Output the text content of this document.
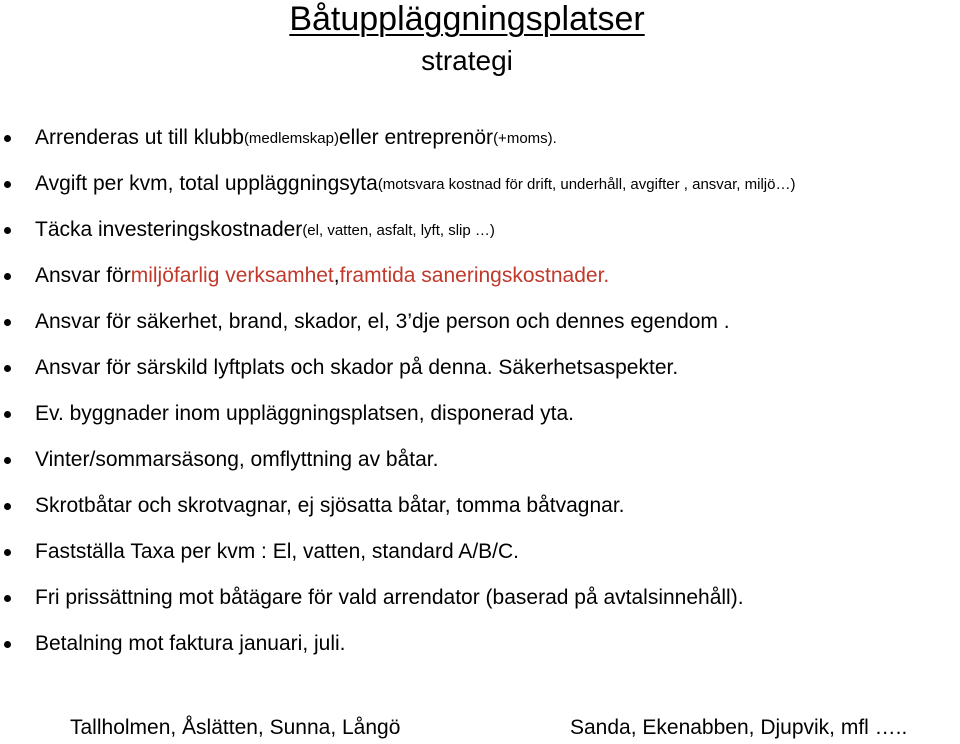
Båtuppläggningsplatser
strategi
Arrenderas ut till klubb (medlemskap) eller entreprenör (+moms).
Avgift per kvm, total uppläggningsyta (motsvara kostnad för drift, underhåll, avgifter , ansvar, miljö…)
Täcka investeringskostnader (el, vatten, asfalt, lyft, slip …)
Ansvar för miljöfarlig verksamhet , framtida saneringskostnader.
Ansvar för säkerhet, brand, skador, el, 3’dje person och dennes egendom .
Ansvar för särskild lyftplats och skador på denna. Säkerhetsaspekter.
Ev. byggnader inom uppläggningsplatsen, disponerad yta.
Vinter/sommarsäsong, omflyttning av båtar.
Skrotbåtar och skrotvagnar, ej sjösatta båtar, tomma båtvagnar.
Fastställa Taxa per kvm : El, vatten, standard A/B/C.
Fri prissättning mot båtägare för vald arrendator (baserad på avtalsinnehåll).
Betalning mot faktura januari, juli.
Tallholmen, Åslätten, Sunna, Långö	Sanda, Ekenabben, Djupvik, mfl …..
